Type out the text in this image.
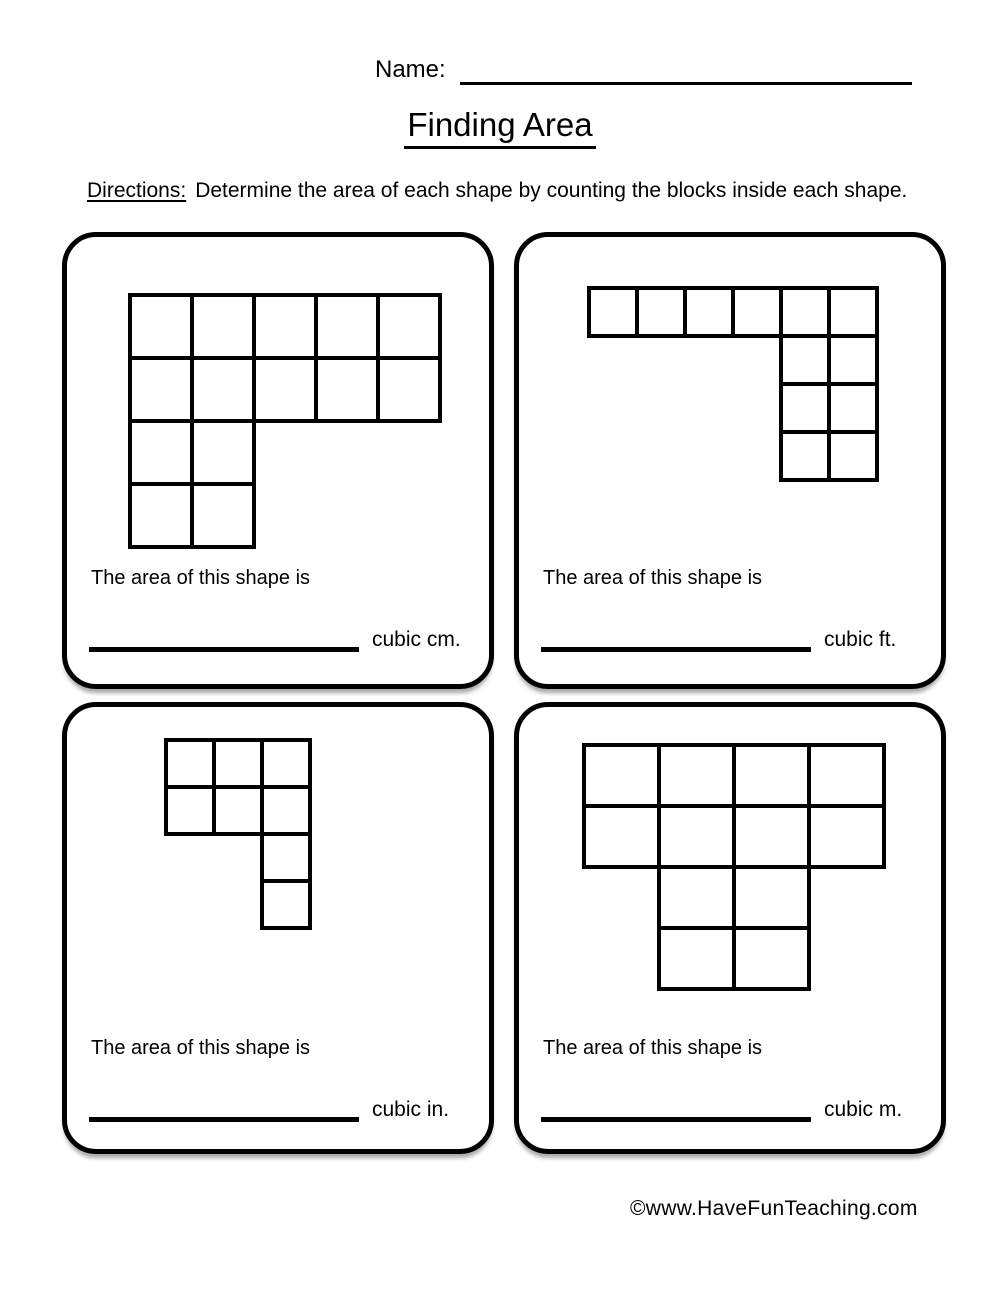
Name:
Finding Area

Directions: Determine the area of each shape by counting the blocks inside each shape.

The area of this shape is
cubic cm.
The area of this shape is
cubic ft.
The area of this shape is
cubic in.
The area of this shape is
cubic m.
©www.HaveFunTeaching.com
